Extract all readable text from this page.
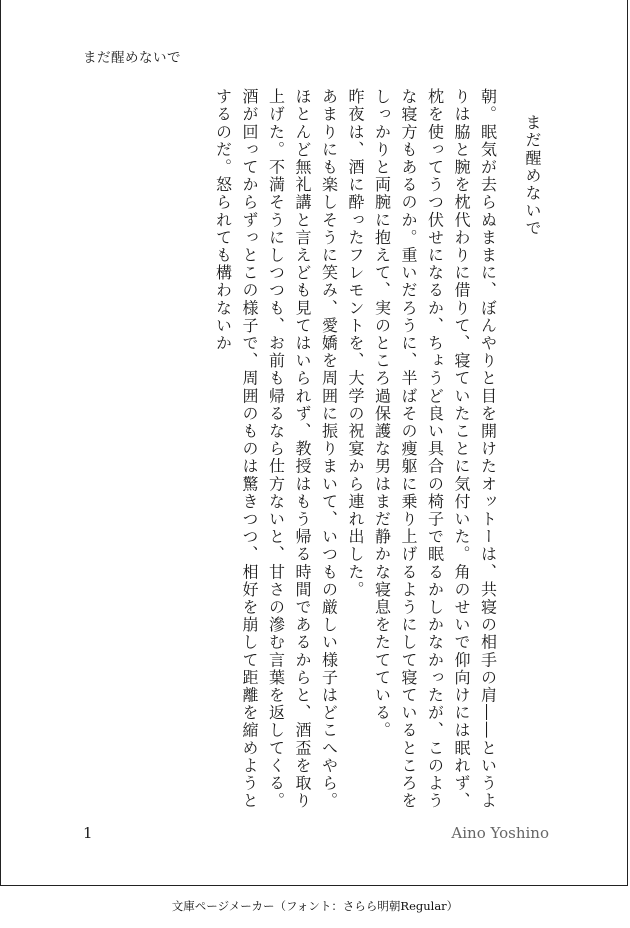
まだ醒めないで

まだ醒めないで

朝。眠気が去らぬままに、ぼんやりと目を開けたオットーは、共寝の相手の肩――というよりは脇と腕を枕代わりに借りて、寝ていたことに気付いた。角のせいで仰向けには眠れず、枕を使ってうつ伏せになるか、ちょうど良い具合の椅子で眠るかしかなかったが、このような寝方もあるのか。重いだろうに、半ばその痩躯に乗り上げるようにして寝ているところをしっかりと両腕に抱えて、実のところ過保護な男はまだ静かな寝息をたてている。

昨夜は、酒に酔ったフレモントを、大学の祝宴から連れ出した。

あまりにも楽しそうに笑み、愛嬌を周囲に振りまいて、いつもの厳しい様子はどこへやら。ほとんど無礼講と言えども見てはいられず、教授はもう帰る時間であるからと、酒盃を取り上げた。不満そうにしつつも、お前も帰るなら仕方ないと、甘さの滲む言葉を返してくる。酒が回ってからずっとこの様子で、周囲のものは驚きつつ、相好を崩して距離を縮めようとするのだ。怒られても構わないか

1	Aino Yoshino
文庫ページメーカー（フォント：さらら明朝Regular）
